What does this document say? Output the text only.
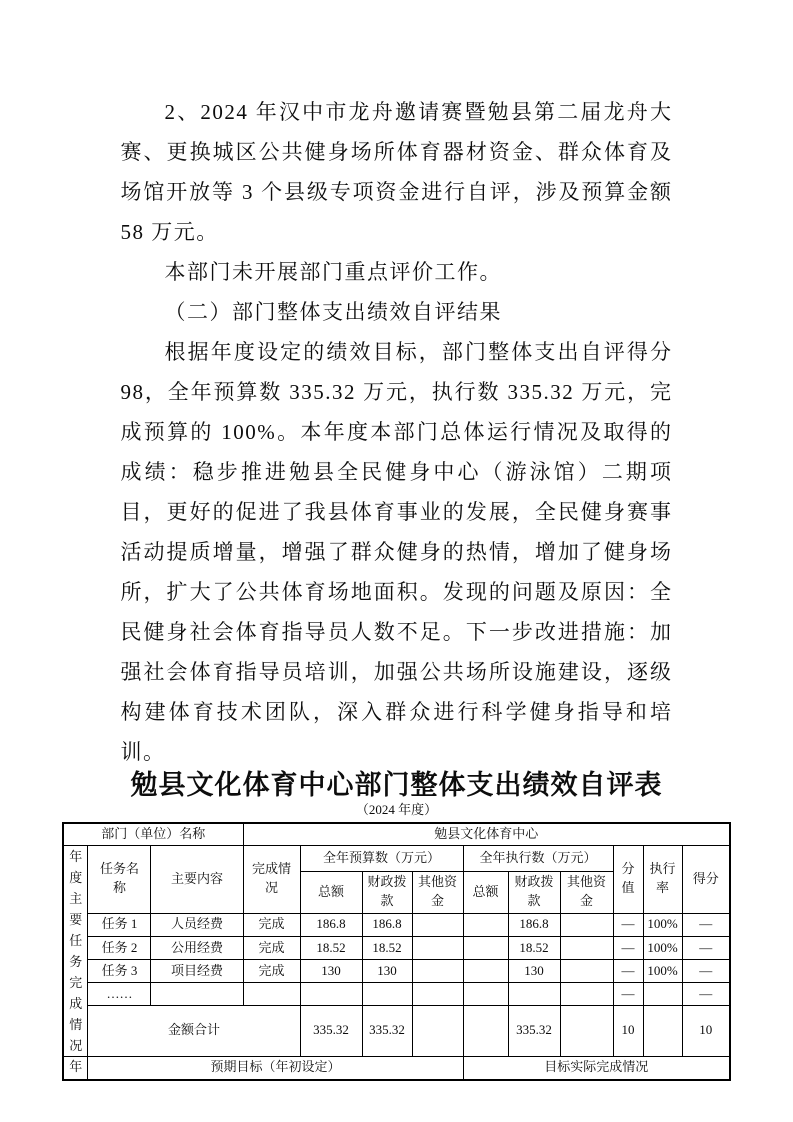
2、2024 年汉中市龙舟邀请赛暨勉县第二届龙舟大赛、更换城区公共健身场所体育器材资金、群众体育及场馆开放等 3 个县级专项资金进行自评，涉及预算金额 58 万元。

本部门未开展部门重点评价工作。

（二）部门整体支出绩效自评结果

根据年度设定的绩效目标，部门整体支出自评得分 98，全年预算数 335.32 万元，执行数 335.32 万元，完成预算的 100%。本年度本部门总体运行情况及取得的成绩：稳步推进勉县全民健身中心（游泳馆）二期项目，更好的促进了我县体育事业的发展，全民健身赛事活动提质增量，增强了群众健身的热情，增加了健身场所，扩大了公共体育场地面积。发现的问题及原因：全民健身社会体育指导员人数不足。下一步改进措施：加强社会体育指导员培训，加强公共场所设施建设，逐级构建体育技术团队，深入群众进行科学健身指导和培训。

勉县文化体育中心部门整体支出绩效自评表

（2024 年度）

部门（单位）名称			勉县文化体育中心									
年度主要任务完成情况	任务名称	主要内容	完成情况	全年预算数（万元）			全年执行数（万元）			分值	执行率	得分
				总额	财政拨款	其他资金	总额	财政拨款	其他资金			
	任务 1	人员经费	完成	186.8	186.8			186.8		—	100%	—
	任务 2	公用经费	完成	18.52	18.52			18.52		—	100%	—
	任务 3	项目经费	完成	130	130			130		—	100%	—
	……									—		—
	金额合计			335.32	335.32			335.32		10		10
年	预期目标（年初设定）						目标实际完成情况					
